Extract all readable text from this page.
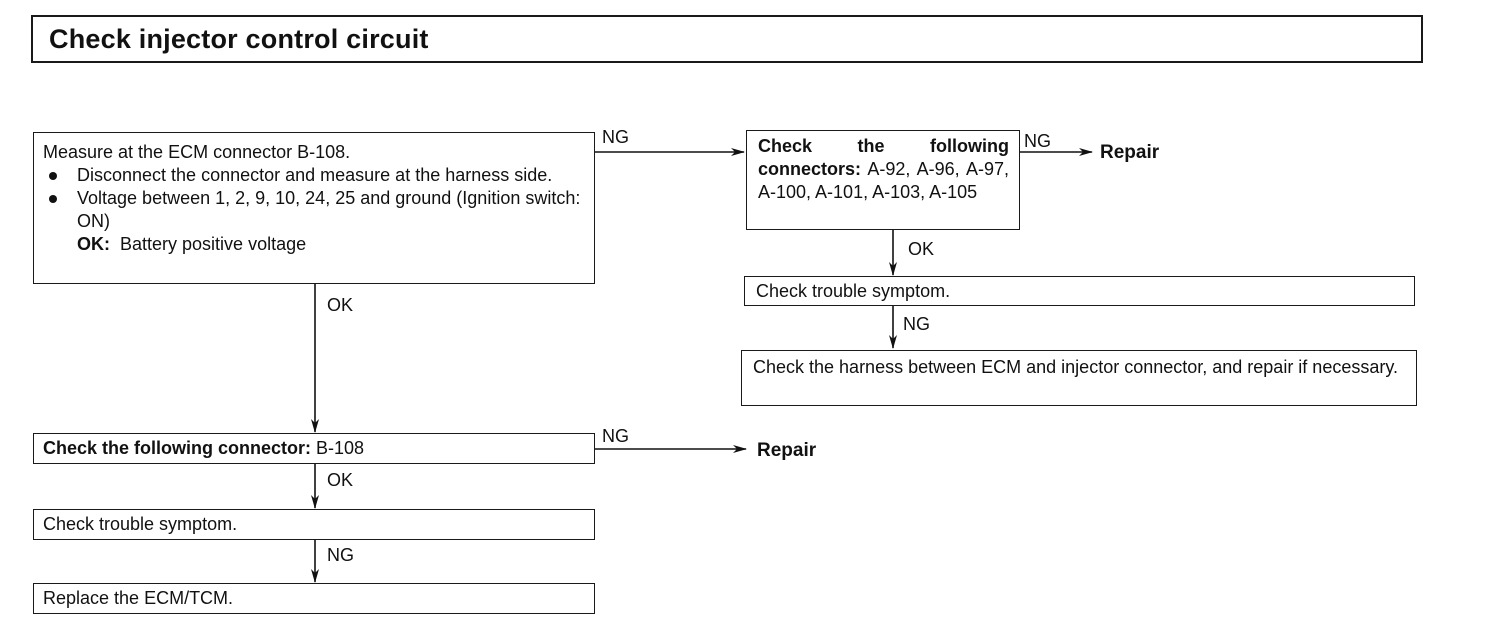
Check injector control circuit
Measure at the ECM connector B-108.
Disconnect the connector and measure at the harness side.
Voltage between 1, 2, 9, 10, 24, 25 and ground (Ignition switch: ON)
OK: Battery positive voltage
Check the following connector: B-108
Check trouble symptom.
Replace the ECM/TCM.
Check the following connectors: A-92, A-96, A-97, A-100, A-101, A-103, A-105
Check trouble symptom.
Check the harness between ECM and injector connector, and repair if necessary.
NG	NG
OK
NG
OK
NG
OK
NG
Repair
Repair
